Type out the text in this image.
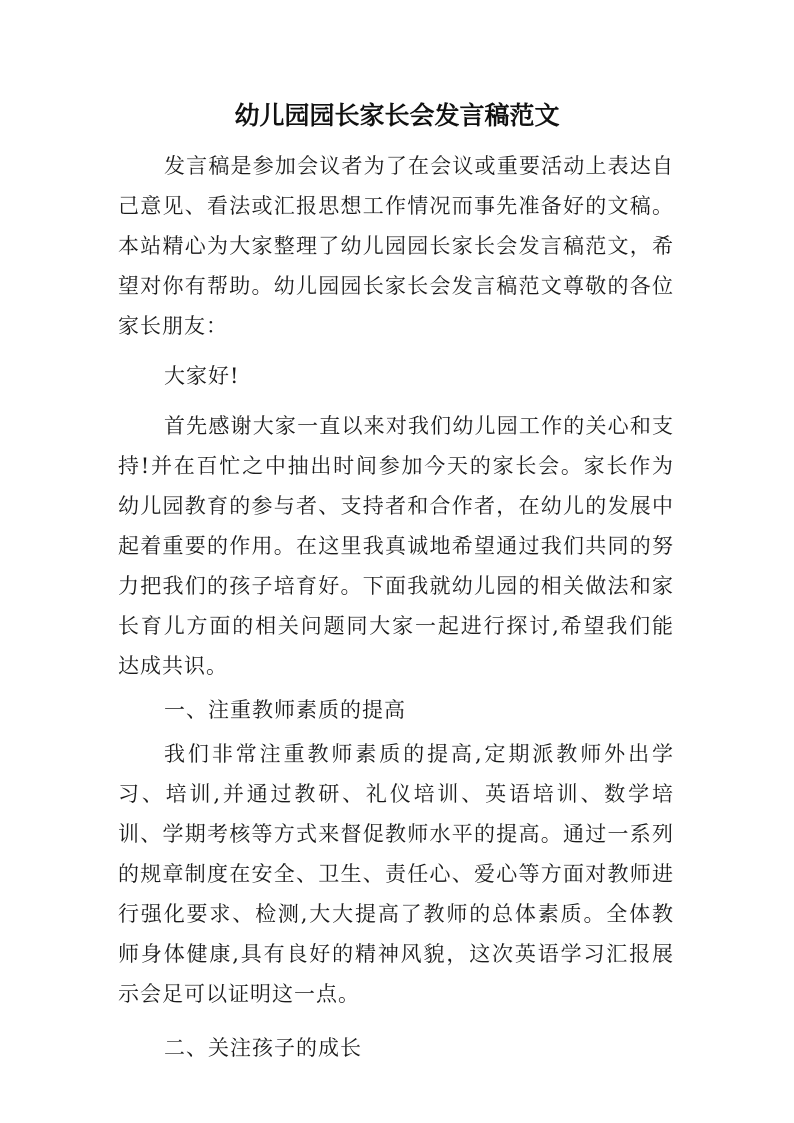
幼儿园园长家长会发言稿范文

发言稿是参加会议者为了在会议或重要活动上表达自己意见、看法或汇报思想工作情况而事先准备好的文稿。本站精心为大家整理了幼儿园园长家长会发言稿范文，希望对你有帮助。幼儿园园长家长会发言稿范文尊敬的各位家长朋友：

大家好!

首先感谢大家一直以来对我们幼儿园工作的关心和支持!并在百忙之中抽出时间参加今天的家长会。家长作为幼儿园教育的参与者、支持者和合作者，在幼儿的发展中起着重要的作用。在这里我真诚地希望通过我们共同的努力把我们的孩子培育好。下面我就幼儿园的相关做法和家长育儿方面的相关问题同大家一起进行探讨,希望我们能达成共识。

一、注重教师素质的提高

我们非常注重教师素质的提高,定期派教师外出学习、培训,并通过教研、礼仪培训、英语培训、数学培训、学期考核等方式来督促教师水平的提高。通过一系列的规章制度在安全、卫生、责任心、爱心等方面对教师进行强化要求、检测,大大提高了教师的总体素质。全体教师身体健康,具有良好的精神风貌，这次英语学习汇报展示会足可以证明这一点。

二、关注孩子的成长
